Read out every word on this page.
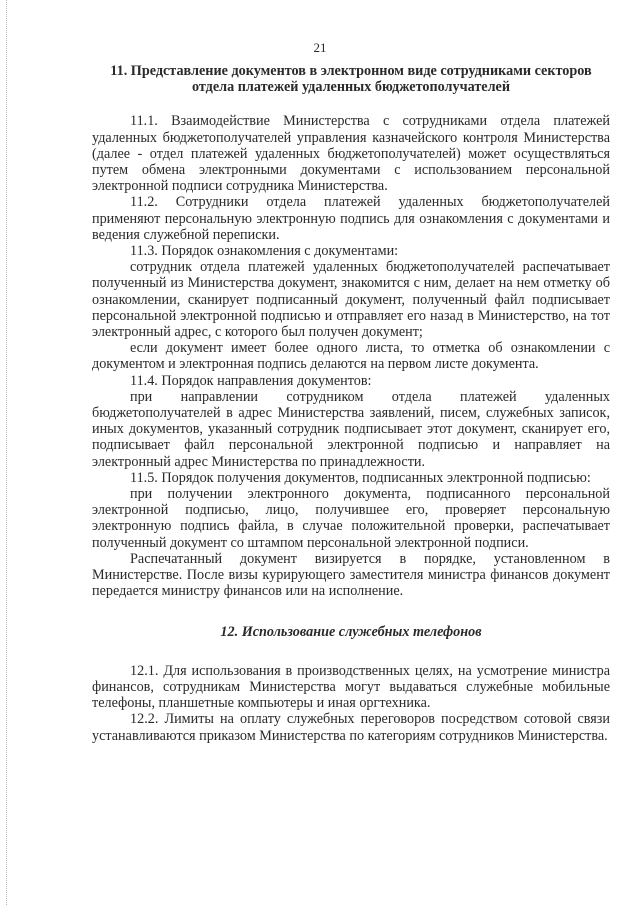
21

11. Представление документов в электронном виде сотрудниками секторов отдела платежей удаленных бюджетополучателей

11.1. Взаимодействие Министерства с сотрудниками отдела платежей удаленных бюджетополучателей управления казначейского контроля Министерства (далее - отдел платежей удаленных бюджетополучателей) может осуществляться путем обмена электронными документами с использованием персональной электронной подписи сотрудника Министерства.

11.2. Сотрудники отдела платежей удаленных бюджетополучателей применяют персональную электронную подпись для ознакомления с документами и ведения служебной переписки.

11.3. Порядок ознакомления с документами:

сотрудник отдела платежей удаленных бюджетополучателей распечатывает полученный из Министерства документ, знакомится с ним, делает на нем отметку об ознакомлении, сканирует подписанный документ, полученный файл подписывает персональной электронной подписью и отправляет его назад в Министерство, на тот электронный адрес, с которого был получен документ;

если документ имеет более одного листа, то отметка об ознакомлении с документом и электронная подпись делаются на первом листе документа.

11.4. Порядок направления документов:

при направлении сотрудником отдела платежей удаленных бюджетополучателей в адрес Министерства заявлений, писем, служебных записок, иных документов, указанный сотрудник подписывает этот документ, сканирует его, подписывает файл персональной электронной подписью и направляет на электронный адрес Министерства по принадлежности.

11.5. Порядок получения документов, подписанных электронной подписью:

при получении электронного документа, подписанного персональной электронной подписью, лицо, получившее его, проверяет персональную электронную подпись файла, в случае положительной проверки, распечатывает полученный документ со штампом персональной электронной подписи.

Распечатанный документ визируется в порядке, установленном в Министерстве. После визы курирующего заместителя министра финансов документ передается министру финансов или на исполнение.

12. Использование служебных телефонов

12.1. Для использования в производственных целях, на усмотрение министра финансов, сотрудникам Министерства могут выдаваться служебные мобильные телефоны, планшетные компьютеры и иная оргтехника.

12.2. Лимиты на оплату служебных переговоров посредством сотовой связи устанавливаются приказом Министерства по категориям сотрудников Министерства.
